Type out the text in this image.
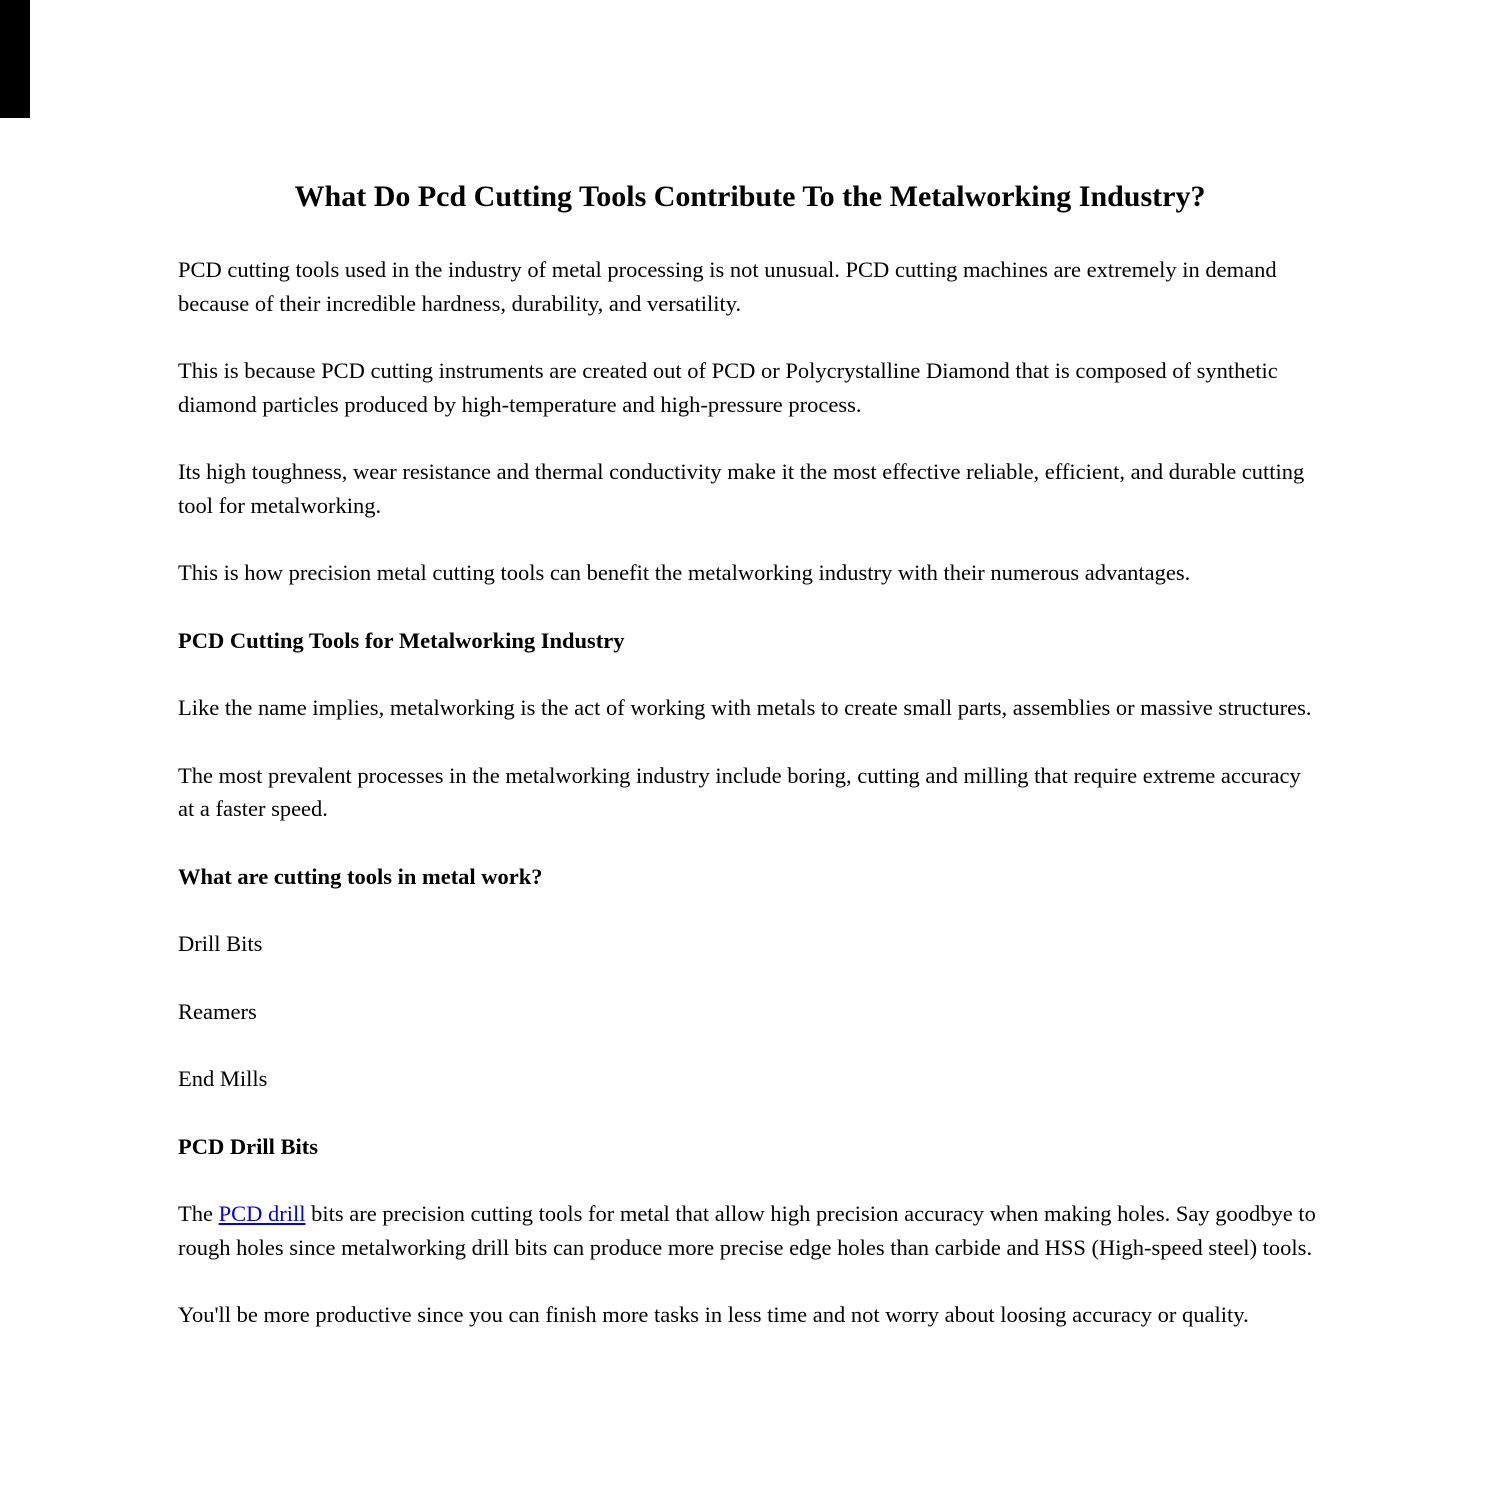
What Do Pcd Cutting Tools Contribute To the Metalworking Industry?

PCD cutting tools used in the industry of metal processing is not unusual. PCD cutting machines are extremely in demand because of their incredible hardness, durability, and versatility.

This is because PCD cutting instruments are created out of PCD or Polycrystalline Diamond that is composed of synthetic diamond particles produced by high-temperature and high-pressure process.

Its high toughness, wear resistance and thermal conductivity make it the most effective reliable, efficient, and durable cutting tool for metalworking.

This is how precision metal cutting tools can benefit the metalworking industry with their numerous advantages.

PCD Cutting Tools for Metalworking Industry

Like the name implies, metalworking is the act of working with metals to create small parts, assemblies or massive structures.

The most prevalent processes in the metalworking industry include boring, cutting and milling that require extreme accuracy at a faster speed.

What are cutting tools in metal work?

Drill Bits

Reamers

End Mills

PCD Drill Bits

The PCD drill bits are precision cutting tools for metal that allow high precision accuracy when making holes. Say goodbye to rough holes since metalworking drill bits can produce more precise edge holes than carbide and HSS (High-speed steel) tools.

You'll be more productive since you can finish more tasks in less time and not worry about loosing accuracy or quality.
